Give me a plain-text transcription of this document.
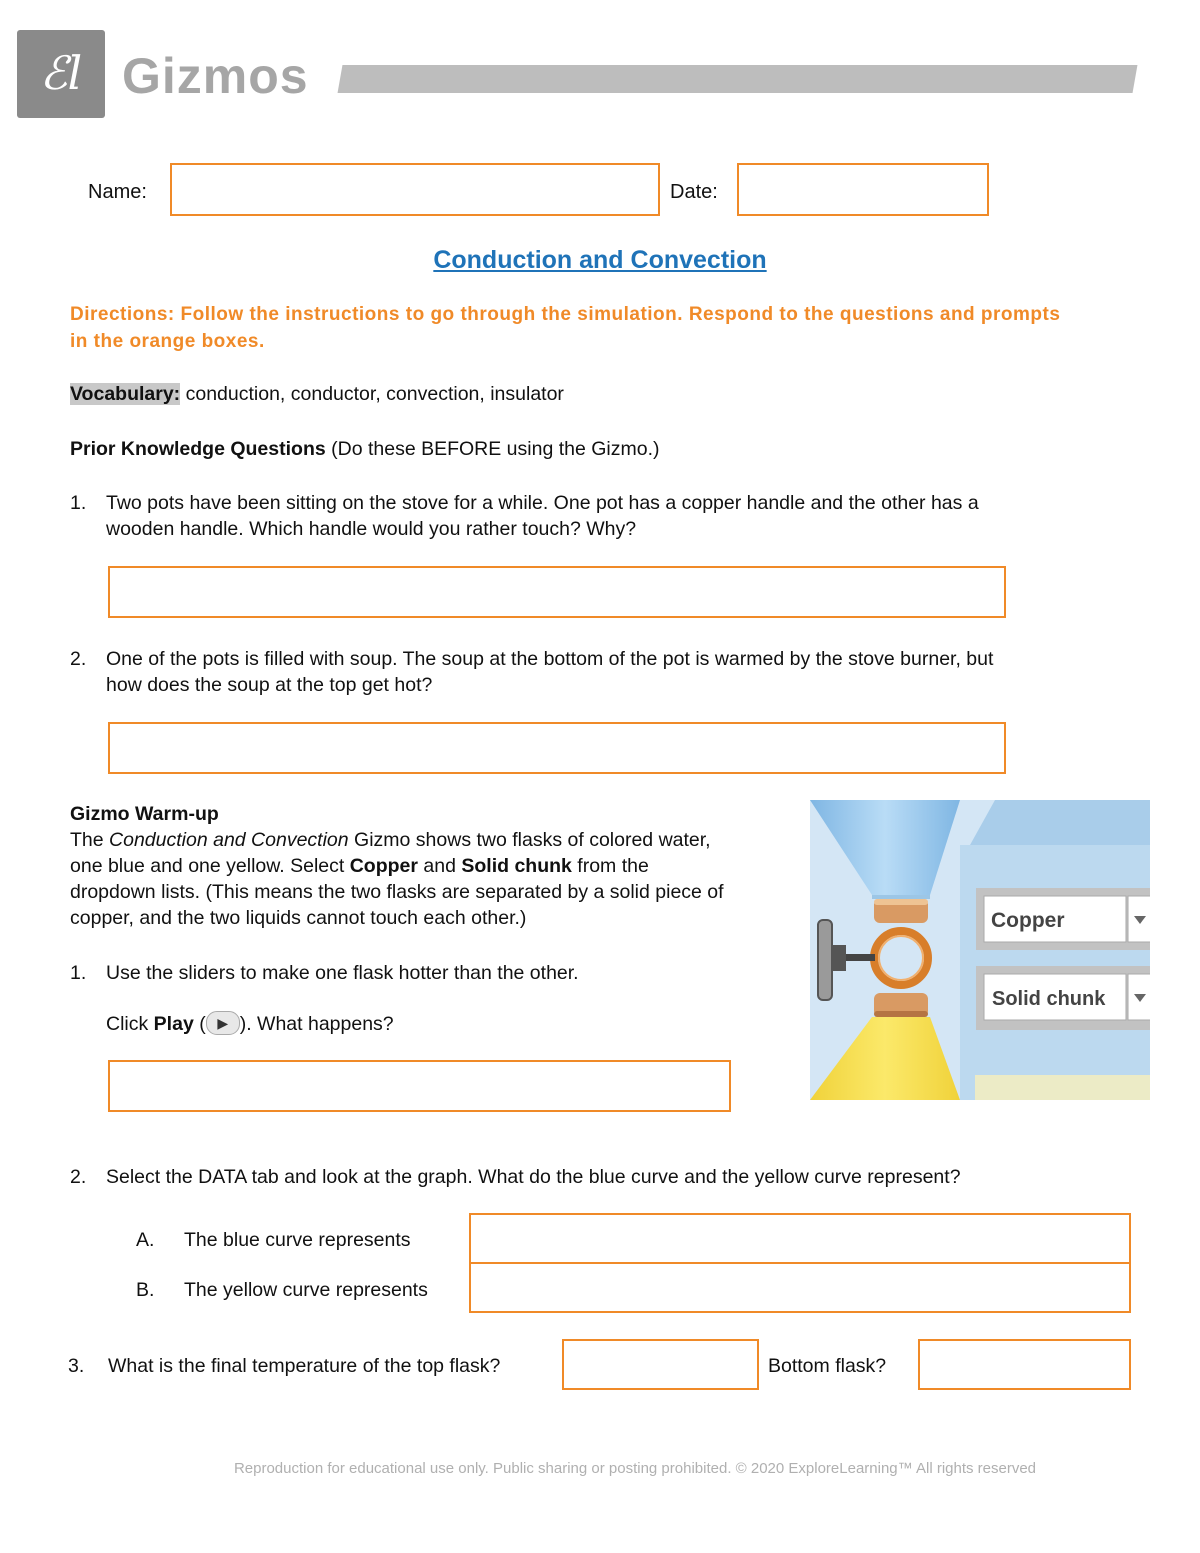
ℰl Gizmos
Name:	Date:
Conduction and Convection
Directions: Follow the instructions to go through the simulation. Respond to the questions and prompts in the orange boxes.
Vocabulary: conduction, conductor, convection, insulator
Prior Knowledge Questions (Do these BEFORE using the Gizmo.)
1. Two pots have been sitting on the stove for a while. One pot has a copper handle and the other has a
wooden handle. Which handle would you rather touch? Why?
2. One of the pots is filled with soup. The soup at the bottom of the pot is warmed by the stove burner, but
how does the soup at the top get hot?
Gizmo Warm-up
The Conduction and Convection Gizmo shows two flasks of colored water,
one blue and one yellow. Select Copper and Solid chunk from the
dropdown lists. (This means the two flasks are separated by a solid piece of
copper, and the two liquids cannot touch each other.)
1. Use the sliders to make one flask hotter than the other.
Click Play ( ▶ ). What happens?
Copper
Solid chunk
2. Select the DATA tab and look at the graph. What do the blue curve and the yellow curve represent?
A. The blue curve represents
B. The yellow curve represents
3. What is the final temperature of the top flask?	Bottom flask?
Reproduction for educational use only. Public sharing or posting prohibited. © 2020 ExploreLearning™ All rights reserved
